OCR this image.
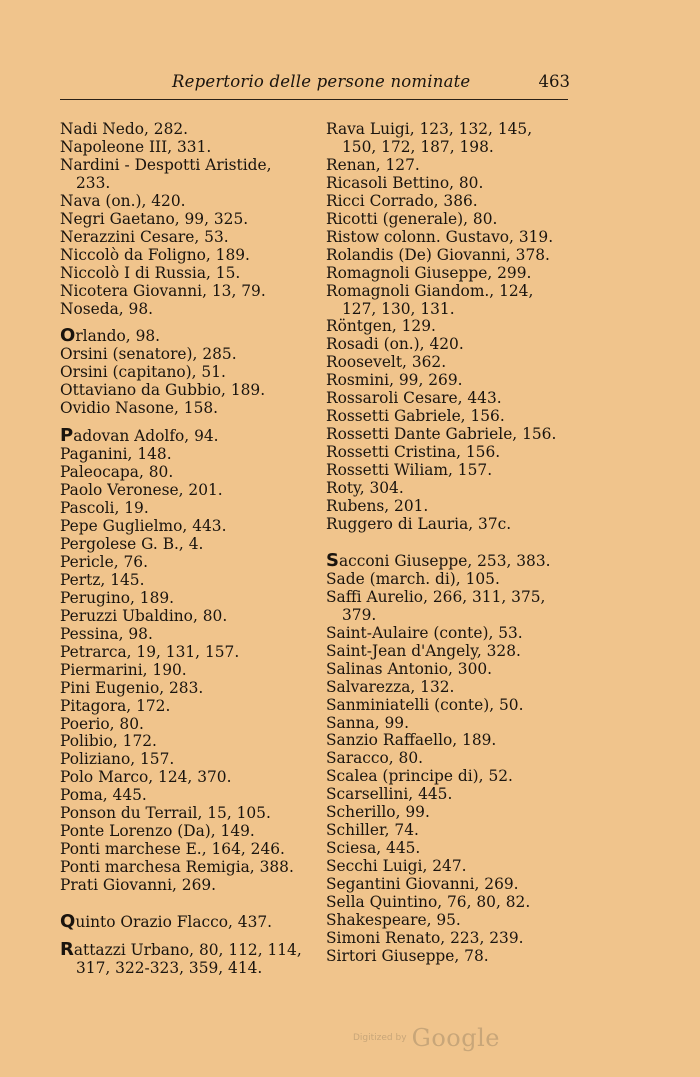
Repertorio delle persone nominate	463
Nadi Nedo, 282.
Napoleone III, 331.
Nardini - Despotti Aristide,
233.
Nava (on.), 420.
Negri Gaetano, 99, 325.
Nerazzini Cesare, 53.
Niccolò da Foligno, 189.
Niccolò I di Russia, 15.
Nicotera Giovanni, 13, 79.
Noseda, 98.
Orlando, 98.
Orsini (senatore), 285.
Orsini (capitano), 51.
Ottaviano da Gubbio, 189.
Ovidio Nasone, 158.
Padovan Adolfo, 94.
Paganini, 148.
Paleocapa, 80.
Paolo Veronese, 201.
Pascoli, 19.
Pepe Guglielmo, 443.
Pergolese G. B., 4.
Pericle, 76.
Pertz, 145.
Perugino, 189.
Peruzzi Ubaldino, 80.
Pessina, 98.
Petrarca, 19, 131, 157.
Piermarini, 190.
Pini Eugenio, 283.
Pitagora, 172.
Poerio, 80.
Polibio, 172.
Poliziano, 157.
Polo Marco, 124, 370.
Poma, 445.
Ponson du Terrail, 15, 105.
Ponte Lorenzo (Da), 149.
Ponti marchese E., 164, 246.
Ponti marchesa Remigia, 388.
Prati Giovanni, 269.
Quinto Orazio Flacco, 437.
Rattazzi Urbano, 80, 112, 114,
317, 322-323, 359, 414.
Rava Luigi, 123, 132, 145,
150, 172, 187, 198.
Renan, 127.
Ricasoli Bettino, 80.
Ricci Corrado, 386.
Ricotti (generale), 80.
Ristow colonn. Gustavo, 319.
Rolandis (De) Giovanni, 378.
Romagnoli Giuseppe, 299.
Romagnoli Giandom., 124,
127, 130, 131.
Röntgen, 129.
Rosadi (on.), 420.
Roosevelt, 362.
Rosmini, 99, 269.
Rossaroli Cesare, 443.
Rossetti Gabriele, 156.
Rossetti Dante Gabriele, 156.
Rossetti Cristina, 156.
Rossetti Wiliam, 157.
Roty, 304.
Rubens, 201.
Ruggero di Lauria, 37c.
Sacconi Giuseppe, 253, 383.
Sade (march. di), 105.
Saffi Aurelio, 266, 311, 375,
379.
Saint-Aulaire (conte), 53.
Saint-Jean d'Angely, 328.
Salinas Antonio, 300.
Salvarezza, 132.
Sanminiatelli (conte), 50.
Sanna, 99.
Sanzio Raffaello, 189.
Saracco, 80.
Scalea (principe di), 52.
Scarsellini, 445.
Scherillo, 99.
Schiller, 74.
Sciesa, 445.
Secchi Luigi, 247.
Segantini Giovanni, 269.
Sella Quintino, 76, 80, 82.
Shakespeare, 95.
Simoni Renato, 223, 239.
Sirtori Giuseppe, 78.
Digitized by Google
